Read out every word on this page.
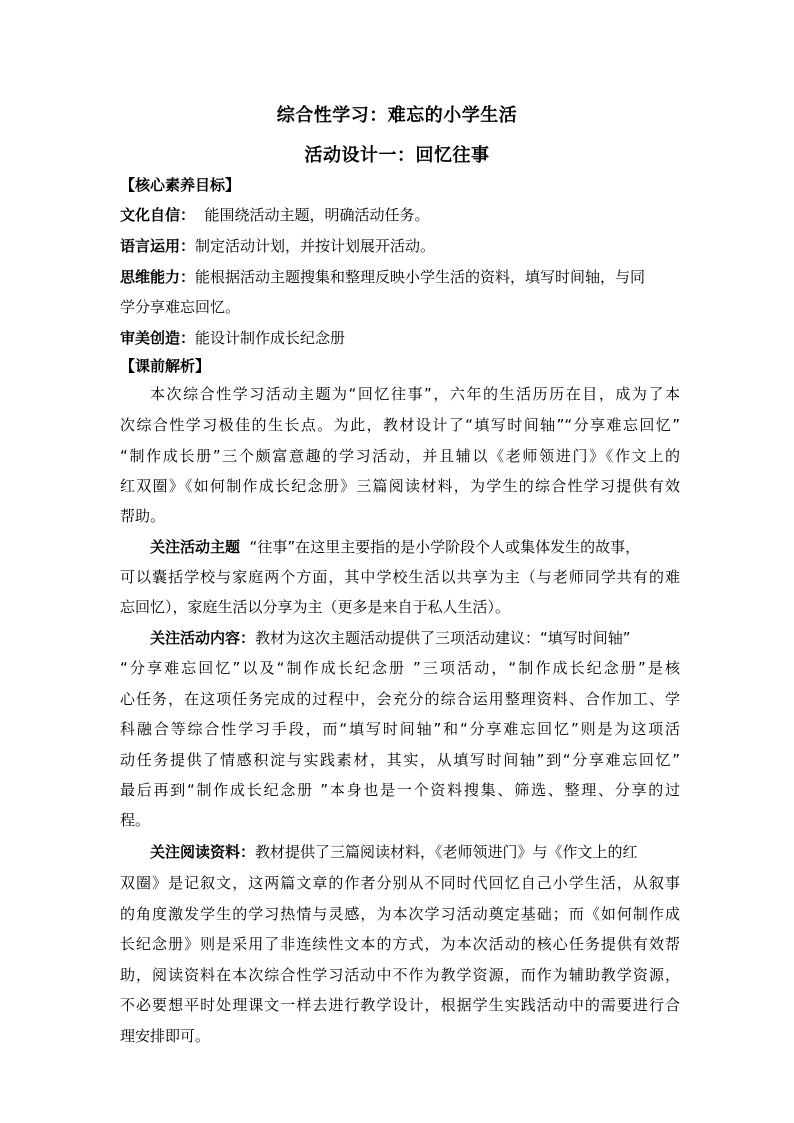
综合性学习：难忘的小学生活
活动设计一：回忆往事
【核心素养目标】
文化自信：  能围绕活动主题，明确活动任务。
语言运用：制定活动计划，并按计划展开活动。
思维能力：能根据活动主题搜集和整理反映小学生活的资料，填写时间轴，与同
学分享难忘回忆。
审美创造：能设计制作成长纪念册
【课前解析】
本次综合性学习活动主题为“回忆往事”，六年的生活历历在目，成为了本
次综合性学习极佳的生长点。为此，教材设计了“填写时间轴”“分享难忘回忆”
“制作成长册”三个颇富意趣的学习活动，并且辅以《老师领进门》《作文上的
红双圈》《如何制作成长纪念册》三篇阅读材料，为学生的综合性学习提供有效
帮助。
关注活动主题  “往事”在这里主要指的是小学阶段个人或集体发生的故事，
可以囊括学校与家庭两个方面，其中学校生活以共享为主（与老师同学共有的难
忘回忆），家庭生活以分享为主（更多是来自于私人生活）。
关注活动内容：教材为这次主题活动提供了三项活动建议：“填写时间轴”
“分享难忘回忆”以及“制作成长纪念册 ”三项活动，“制作成长纪念册”是核
心任务，在这项任务完成的过程中，会充分的综合运用整理资料、合作加工、学
科融合等综合性学习手段，而“填写时间轴”和“分享难忘回忆”则是为这项活
动任务提供了情感积淀与实践素材，其实，从填写时间轴”到“分享难忘回忆”
最后再到“制作成长纪念册 ”本身也是一个资料搜集、筛选、整理、分享的过
程。
关注阅读资料：教材提供了三篇阅读材料，《老师领进门》与《作文上的红
双圈》是记叙文，这两篇文章的作者分别从不同时代回忆自己小学生活，从叙事
的角度激发学生的学习热情与灵感，为本次学习活动奠定基础；而《如何制作成
长纪念册》则是采用了非连续性文本的方式，为本次活动的核心任务提供有效帮
助，阅读资料在本次综合性学习活动中不作为教学资源，而作为辅助教学资源，
不必要想平时处理课文一样去进行教学设计，根据学生实践活动中的需要进行合
理安排即可。
